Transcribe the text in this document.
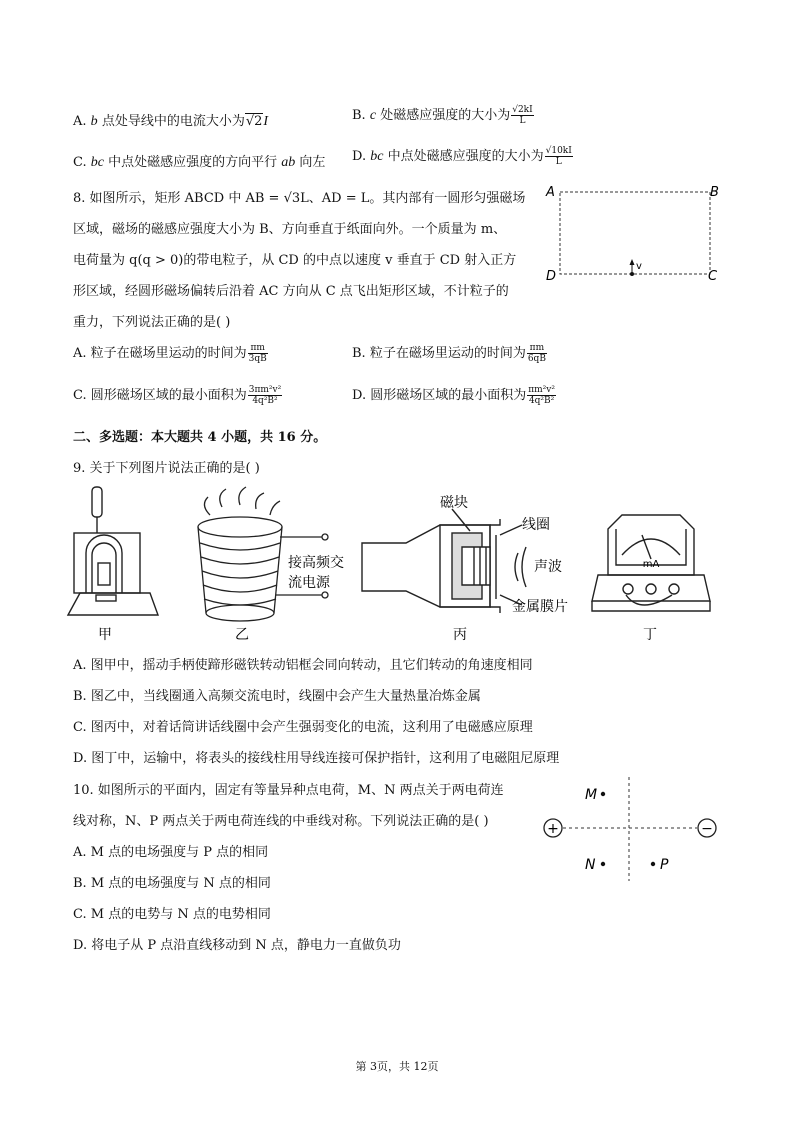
A. b 点处导线中的电流大小为√2I	B. c 处磁感应强度的大小为 $\frac{√2kI}{L}$
C. bc 中点处磁感应强度的方向平行 ab 向左 D. bc 中点处磁感应强度的大小为 $\frac{√10kI}{L}$
8. 如图所示，矩形 ABCD 中 AB = √3L、AD = L。其内部有一圆形匀强磁场
区域，磁场的磁感应强度大小为 B、方向垂直于纸面向外。一个质量为 m、
电荷量为 q(q > 0)的带电粒子，从 CD 的中点以速度 v 垂直于 CD 射入正方
形区域，经圆形磁场偏转后沿着 AC 方向从 C 点飞出矩形区域，不计粒子的
重力，下列说法正确的是( )
A	B
D	C
v
A. 粒子在磁场里运动的时间为 $\frac{\pi m}{3qB}$	B. 粒子在磁场里运动的时间为 $\frac{\pi m}{6qB}$
C. 圆形磁场区域的最小面积为 $\frac{\text{3πm²v²}}{\text{4q²B²}}$	D. 圆形磁场区域的最小面积为 $\frac{\text{πm²v²}}{\text{4q²B²}}$
二、多选题：本大题共 4 小题，共 16 分。
9. 关于下列图片说法正确的是( )
甲
接高频交
流电源
乙
磁块
线圈
声波
金属膜片
丙
mA
丁
A. 图甲中，摇动手柄使蹄形磁铁转动铝框会同向转动，且它们转动的角速度相同
B. 图乙中，当线圈通入高频交流电时，线圈中会产生大量热量冶炼金属
C. 图丙中，对着话筒讲话线圈中会产生强弱变化的电流，这利用了电磁感应原理
D. 图丁中，运输中，将表头的接线柱用导线连接可保护指针，这利用了电磁阻尼原理
10. 如图所示的平面内，固定有等量异种点电荷，M、N 两点关于两电荷连
线对称，N、P 两点关于两电荷连线的中垂线对称。下列说法正确的是( )
A. M 点的电场强度与 P 点的相同
B. M 点的电场强度与 N 点的相同
C. M 点的电势与 N 点的电势相同
D. 将电子从 P 点沿直线移动到 N 点，静电力一直做负功
+	−
M
N	P
第 3页，共 12页
